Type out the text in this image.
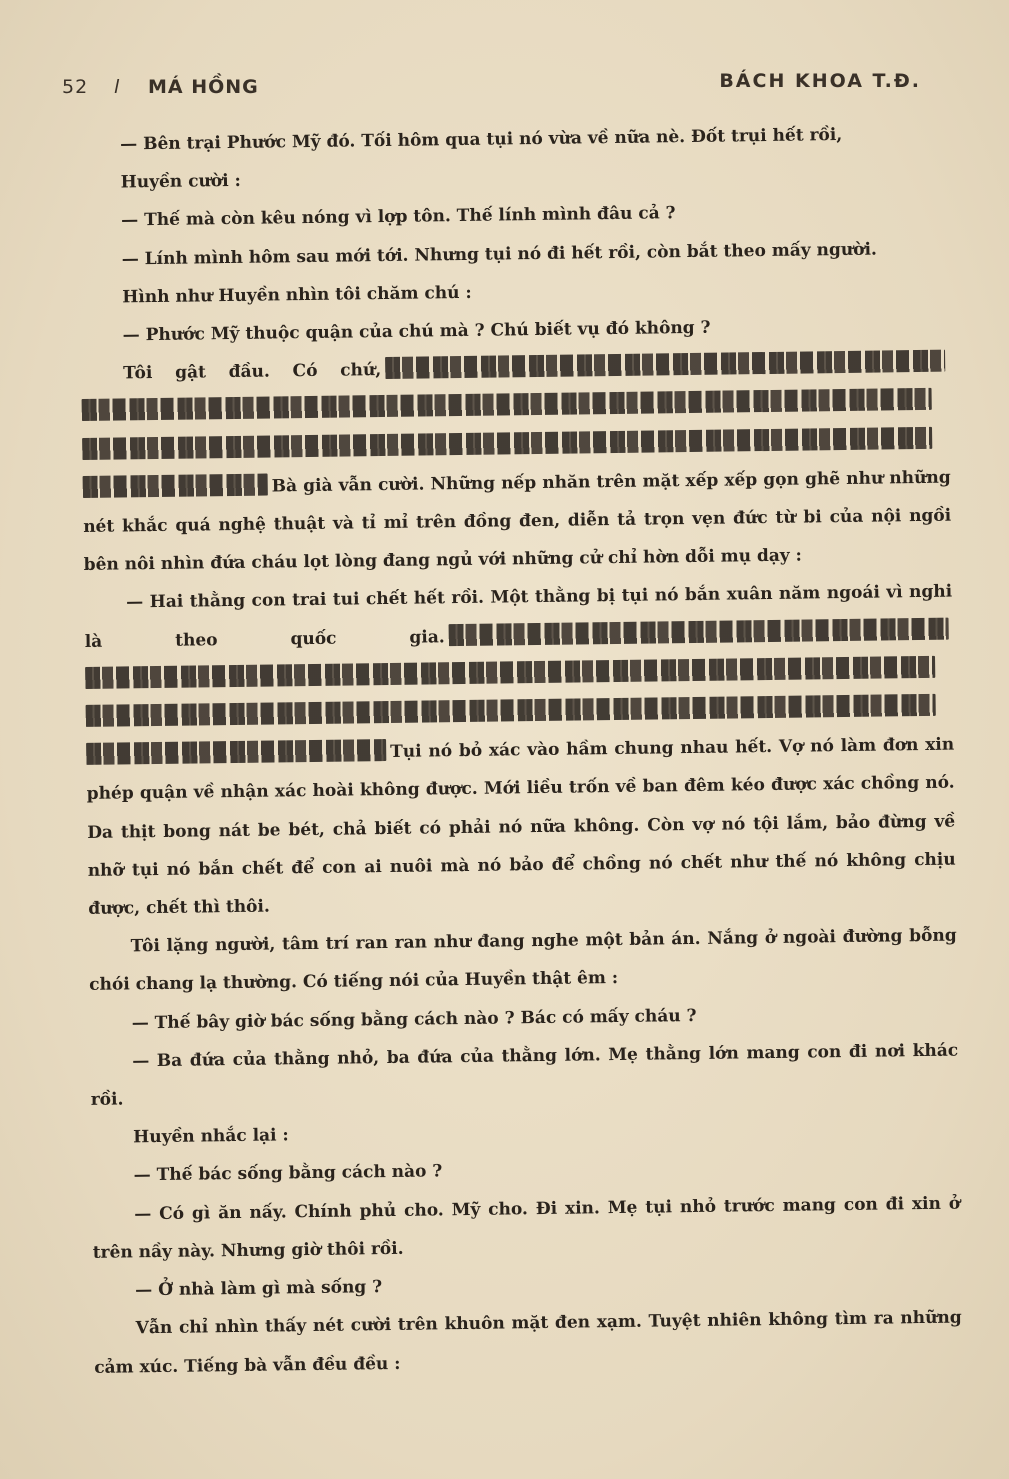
52 l MÁ HỒNG	BÁCH KHOA T.Đ.

— Bên trại Phước Mỹ đó. Tối hôm qua tụi nó vừa về nữa nè. Đốt trụi hết rồi,

Huyền cười :

— Thế mà còn kêu nóng vì lợp tôn. Thế lính mình đâu cả ?

— Lính mình hôm sau mới tới. Nhưng tụi nó đi hết rồi, còn bắt theo mấy người.

Hình như Huyền nhìn tôi chăm chú :

— Phước Mỹ thuộc quận của chú mà ? Chú biết vụ đó không ?

Tôi gật đầu. Có chứ,Bà già vẫn cười. Những nếp nhăn trên mặt xếp xếp gọn ghẽ như những nét khắc quá nghệ thuật và tỉ mỉ trên đồng đen, diễn tả trọn vẹn đức từ bi của nội ngồi bên nôi nhìn đứa cháu lọt lòng đang ngủ với những cử chỉ hờn dỗi mụ dạy :

— Hai thằng con trai tui chết hết rồi. Một thằng bị tụi nó bắn xuân năm ngoái vì nghi là theo quốc gia.Tụi nó bỏ xác vào hầm chung nhau hết. Vợ nó làm đơn xin phép quận về nhận xác hoài không được. Mới liều trốn về ban đêm kéo được xác chồng nó. Da thịt bong nát be bét, chả biết có phải nó nữa không. Còn vợ nó tội lắm, bảo đừng về nhỡ tụi nó bắn chết để con ai nuôi mà nó bảo để chồng nó chết như thế nó không chịu được, chết thì thôi.

Tôi lặng người, tâm trí ran ran như đang nghe một bản án. Nắng ở ngoài đường bỗng chói chang lạ thường. Có tiếng nói của Huyền thật êm :

— Thế bây giờ bác sống bằng cách nào ? Bác có mấy cháu ?

— Ba đứa của thằng nhỏ, ba đứa của thằng lớn. Mẹ thằng lớn mang con đi nơi khác rồi.

Huyền nhắc lại :

— Thế bác sống bằng cách nào ?

— Có gì ăn nấy. Chính phủ cho. Mỹ cho. Đi xin. Mẹ tụi nhỏ trước mang con đi xin ở trên nầy này. Nhưng giờ thôi rồi.

— Ở nhà làm gì mà sống ?

Vẫn chỉ nhìn thấy nét cười trên khuôn mặt đen xạm. Tuyệt nhiên không tìm ra những cảm xúc. Tiếng bà vẫn đều đều :
